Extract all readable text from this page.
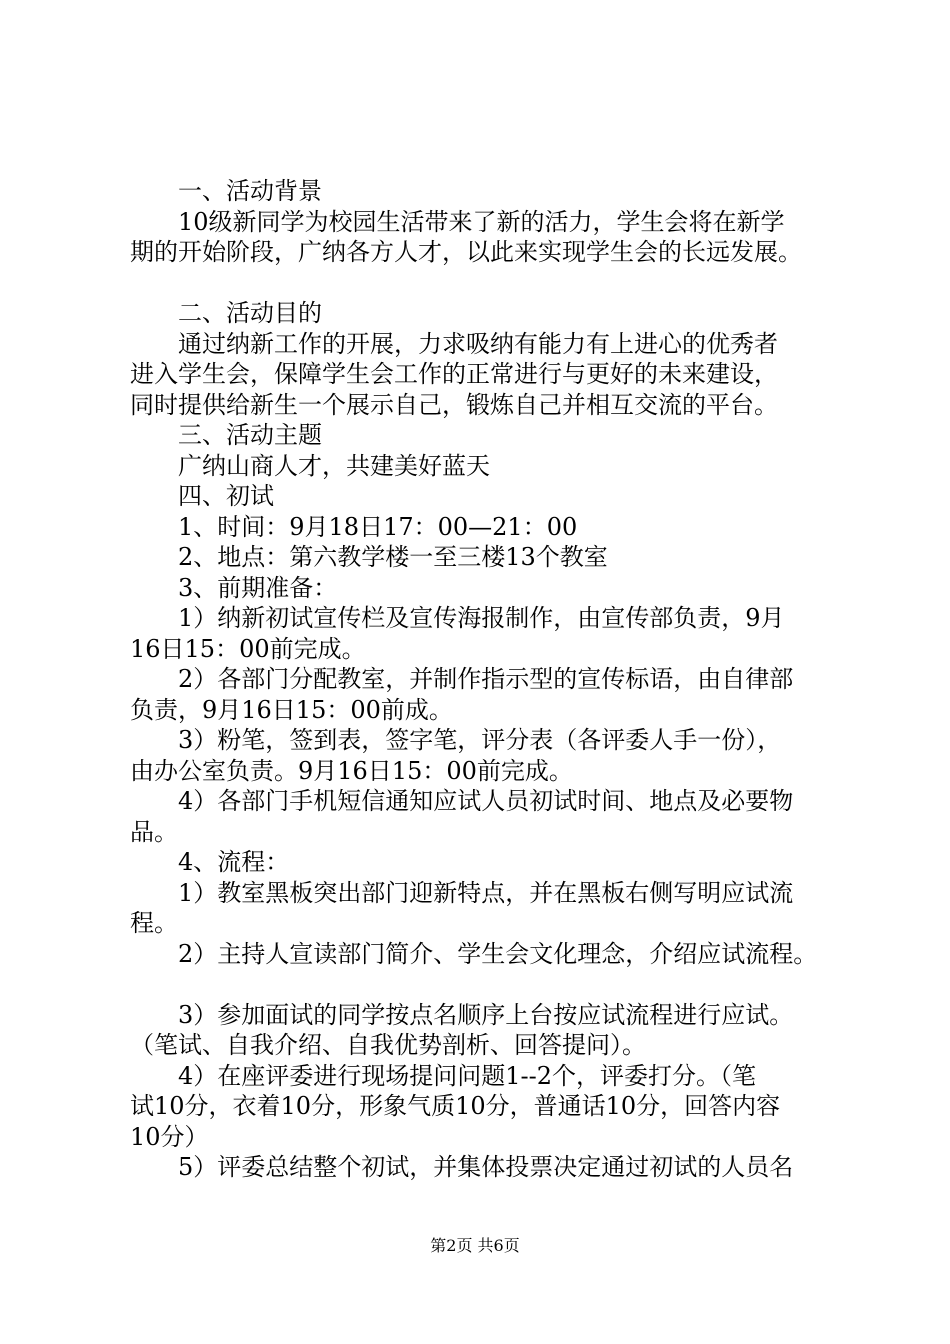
一、活动背景
10级新同学为校园生活带来了新的活力，学生会将在新学
期的开始阶段，广纳各方人才，以此来实现学生会的长远发展。
二、活动目的
通过纳新工作的开展，力求吸纳有能力有上进心的优秀者
进入学生会，保障学生会工作的正常进行与更好的未来建设，
同时提供给新生一个展示自己，锻炼自己并相互交流的平台。
三、活动主题
广纳山商人才，共建美好蓝天
四、初试
1、时间：9月18日17：00—21：00
2、地点：第六教学楼一至三楼13个教室
3、前期准备：
1）纳新初试宣传栏及宣传海报制作，由宣传部负责，9月
16日15：00前完成。
2）各部门分配教室，并制作指示型的宣传标语，由自律部
负责，9月16日15：00前成。
3）粉笔，签到表，签字笔，评分表（各评委人手一份），
由办公室负责。9月16日15：00前完成。
4）各部门手机短信通知应试人员初试时间、地点及必要物
品。
4、流程：
1）教室黑板突出部门迎新特点，并在黑板右侧写明应试流
程。
2）主持人宣读部门简介、学生会文化理念，介绍应试流程。
3）参加面试的同学按点名顺序上台按应试流程进行应试。
（笔试、自我介绍、自我优势剖析、回答提问）。
4）在座评委进行现场提问问题1--2个，评委打分。（笔
试10分，衣着10分，形象气质10分，普通话10分，回答内容
10分）
5）评委总结整个初试，并集体投票决定通过初试的人员名
第2页 共6页
